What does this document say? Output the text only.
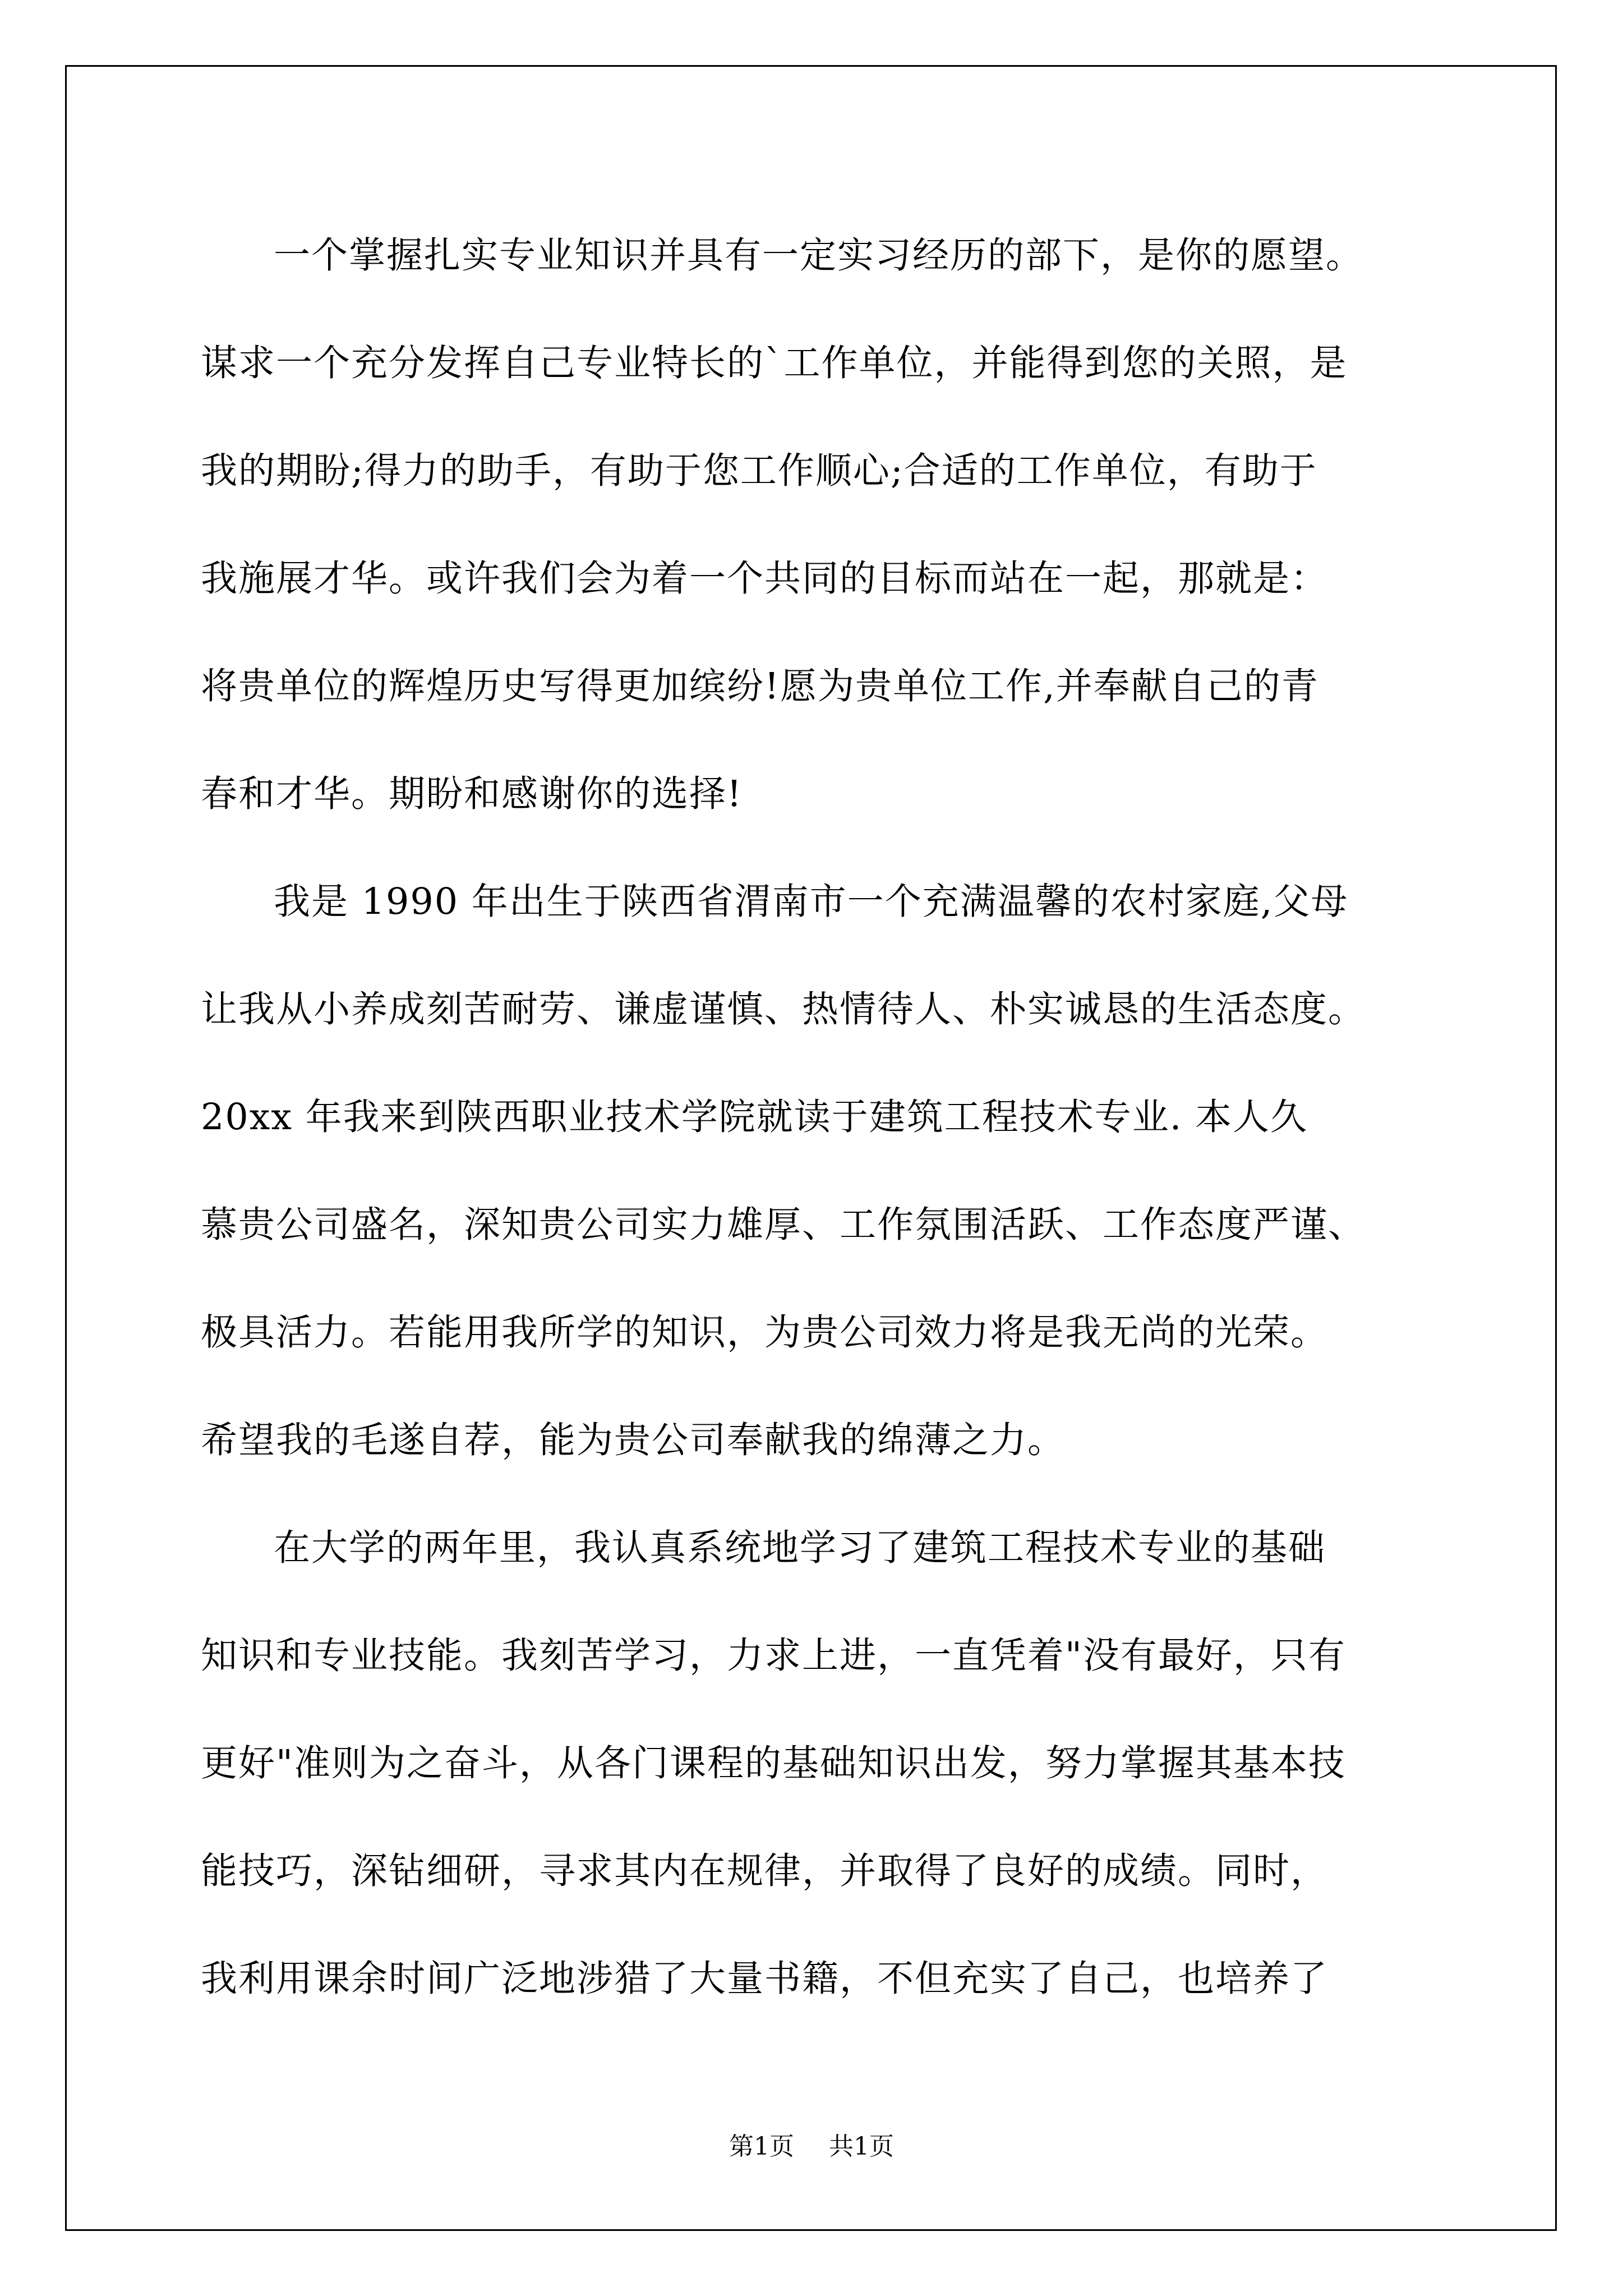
一个掌握扎实专业知识并具有一定实习经历的部下，是你的愿望。
谋求一个充分发挥自己专业特长的`工作单位，并能得到您的关照，是
我的期盼;得力的助手，有助于您工作顺心;合适的工作单位，有助于
我施展才华。或许我们会为着一个共同的目标而站在一起，那就是：
将贵单位的辉煌历史写得更加缤纷!愿为贵单位工作,并奉献自己的青
春和才华。期盼和感谢你的选择!
我是 1990 年出生于陕西省渭南市一个充满温馨的农村家庭,父母
让我从小养成刻苦耐劳、谦虚谨慎、热情待人、朴实诚恳的生活态度。
20xx 年我来到陕西职业技术学院就读于建筑工程技术专业. 本人久
慕贵公司盛名，深知贵公司实力雄厚、工作氛围活跃、工作态度严谨、
极具活力。若能用我所学的知识，为贵公司效力将是我无尚的光荣。
希望我的毛遂自荐，能为贵公司奉献我的绵薄之力。
在大学的两年里，我认真系统地学习了建筑工程技术专业的基础
知识和专业技能。我刻苦学习，力求上进，一直凭着"没有最好，只有
更好"准则为之奋斗，从各门课程的基础知识出发，努力掌握其基本技
能技巧，深钻细研，寻求其内在规律，并取得了良好的成绩。同时，
我利用课余时间广泛地涉猎了大量书籍，不但充实了自己，也培养了
第1页 共1页
